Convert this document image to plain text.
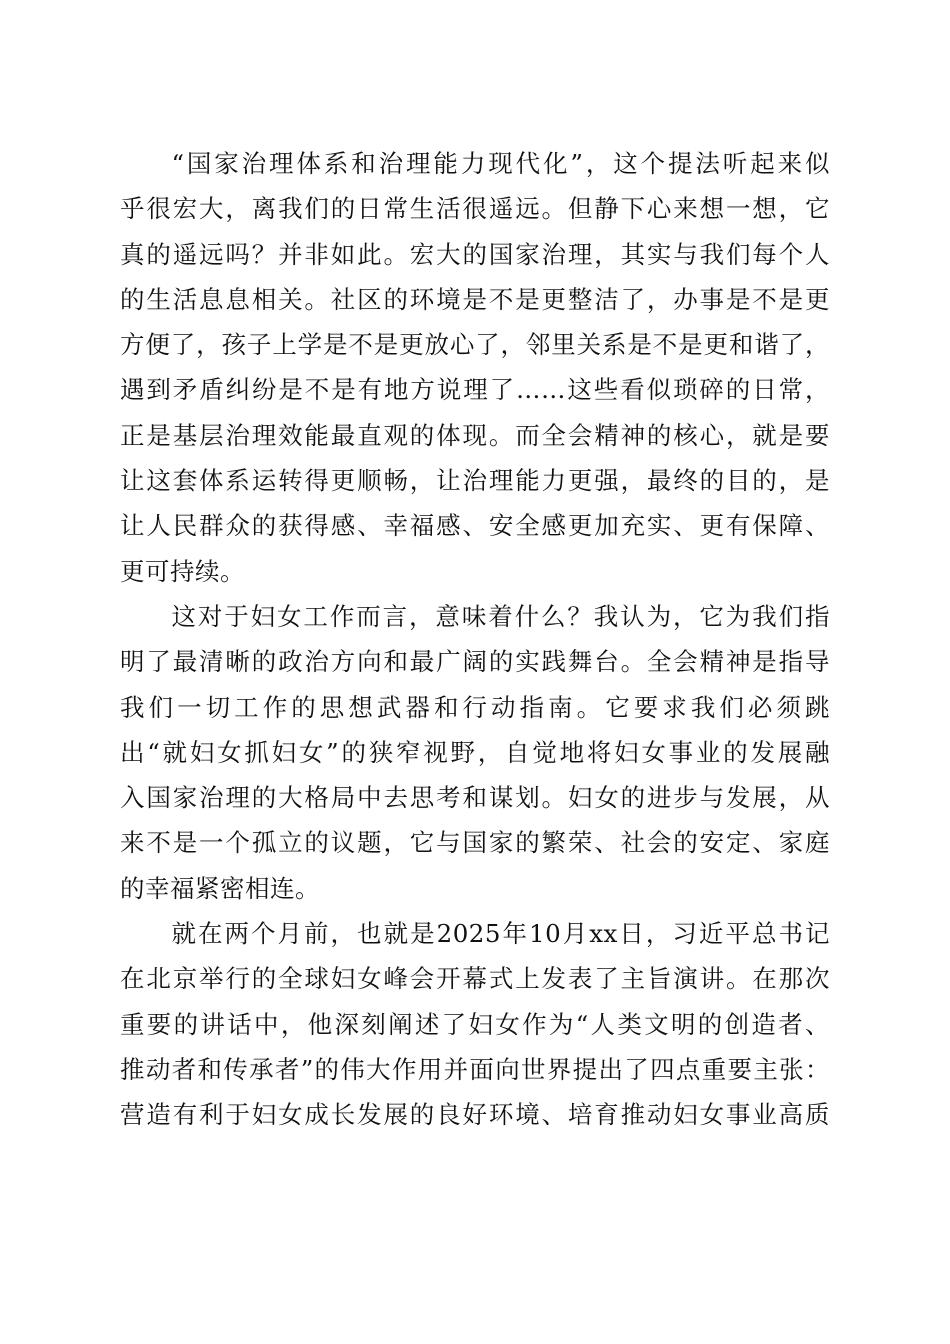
“国家治理体系和治理能力现代化”，这个提法听起来似
乎很宏大，离我们的日常生活很遥远。但静下心来想一想，它
真的遥远吗？并非如此。宏大的国家治理，其实与我们每个人
的生活息息相关。社区的环境是不是更整洁了，办事是不是更
方便了，孩子上学是不是更放心了，邻里关系是不是更和谐了，
遇到矛盾纠纷是不是有地方说理了……这些看似琐碎的日常，
正是基层治理效能最直观的体现。而全会精神的核心，就是要
让这套体系运转得更顺畅，让治理能力更强，最终的目的，是
让人民群众的获得感、幸福感、安全感更加充实、更有保障、
更可持续。
这对于妇女工作而言，意味着什么？我认为，它为我们指
明了最清晰的政治方向和最广阔的实践舞台。全会精神是指导
我们一切工作的思想武器和行动指南。它要求我们必须跳
出“就妇女抓妇女”的狭窄视野，自觉地将妇女事业的发展融
入国家治理的大格局中去思考和谋划。妇女的进步与发展，从
来不是一个孤立的议题，它与国家的繁荣、社会的安定、家庭
的幸福紧密相连。
就在两个月前，也就是2025年10月xx日，习近平总书记
在北京举行的全球妇女峰会开幕式上发表了主旨演讲。在那次
重要的讲话中，他深刻阐述了妇女作为“人类文明的创造者、
推动者和传承者”的伟大作用并面向世界提出了四点重要主张：
营造有利于妇女成长发展的良好环境、培育推动妇女事业高质
